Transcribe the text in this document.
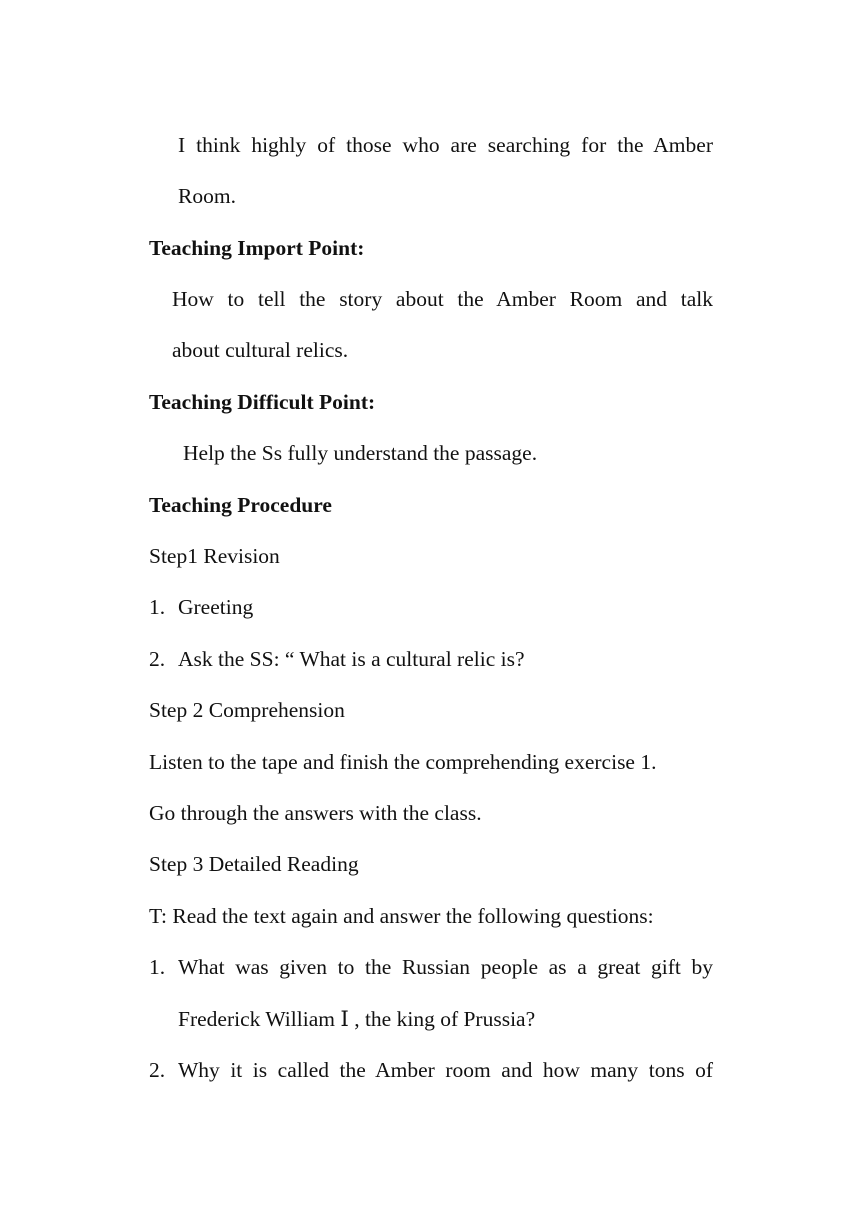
I think highly of those who are searching for the Amber
Room.
Teaching Import Point:
How to tell the story about the Amber Room and talk
about cultural relics.
Teaching Difficult Point:
Help the Ss fully understand the passage.
Teaching Procedure
Step1 Revision
1. Greeting
2. Ask the SS: “ What is a cultural relic is?
Step 2 Comprehension
Listen to the tape and finish the comprehending exercise 1.
Go through the answers with the class.
Step 3 Detailed Reading
T: Read the text again and answer the following questions:
1. What was given to the Russian people as a great gift by
Frederick William Ⅰ , the king of Prussia?
2. Why it is called the Amber room and how many tons of
